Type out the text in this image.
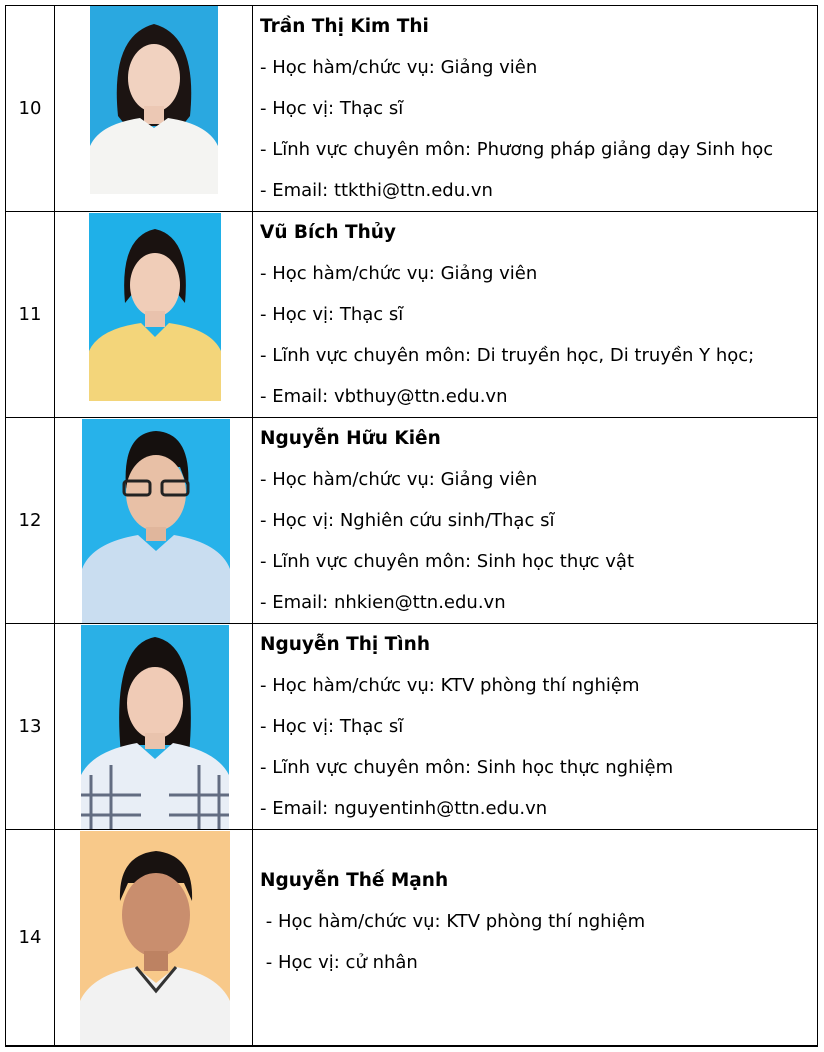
10		Trần Thị Kim Thi
- Học hàm/chức vụ: Giảng viên
- Học vị: Thạc sĩ
- Lĩnh vực chuyên môn: Phương pháp giảng dạy Sinh học
- Email: ttkthi@ttn.edu.vn

11		Vũ Bích Thủy
- Học hàm/chức vụ: Giảng viên
- Học vị: Thạc sĩ
- Lĩnh vực chuyên môn: Di truyền học, Di truyền Y học;
- Email: vbthuy@ttn.edu.vn

12		Nguyễn Hữu Kiên
- Học hàm/chức vụ: Giảng viên
- Học vị: Nghiên cứu sinh/Thạc sĩ
- Lĩnh vực chuyên môn: Sinh học thực vật
- Email: nhkien@ttn.edu.vn

13		Nguyễn Thị Tình
- Học hàm/chức vụ: KTV phòng thí nghiệm
- Học vị: Thạc sĩ
- Lĩnh vực chuyên môn: Sinh học thực nghiệm
- Email: nguyentinh@ttn.edu.vn

14		Nguyễn Thế Mạnh
- Học hàm/chức vụ: KTV phòng thí nghiệm
- Học vị: cử nhân
